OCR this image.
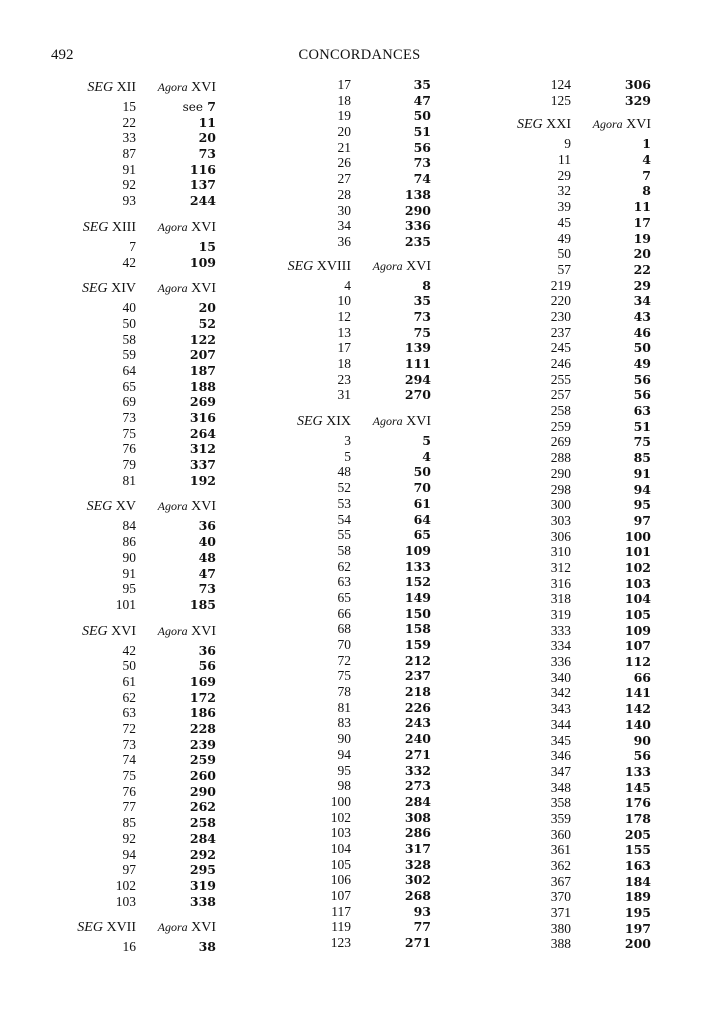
492	CONCORDANCES
SEG XII	Agora XVI
15	see 7
22	11
33	20
87	73
91	116
92	137
93	244
SEG XIII	Agora XVI
7	15
42	109
SEG XIV	Agora XVI
40	20
50	52
58	122
59	207
64	187
65	188
69	269
73	316
75	264
76	312
79	337
81	192
SEG XV	Agora XVI
84	36
86	40
90	48
91	47
95	73
101	185
SEG XVI	Agora XVI
42	36
50	56
61	169
62	172
63	186
72	228
73	239
74	259
75	260
76	290
77	262
85	258
92	284
94	292
97	295
102	319
103	338
SEG XVII	Agora XVI
16	38
17	35
18	47
19	50
20	51
21	56
26	73
27	74
28	138
30	290
34	336
36	235
SEG XVIII	Agora XVI
4	8
10	35
12	73
13	75
17	139
18	111
23	294
31	270
SEG XIX	Agora XVI
3	5
5	4
48	50
52	70
53	61
54	64
55	65
58	109
62	133
63	152
65	149
66	150
68	158
70	159
72	212
75	237
78	218
81	226
83	243
90	240
94	271
95	332
98	273
100	284
102	308
103	286
104	317
105	328
106	302
107	268
117	93
119	77
123	271
124	306
125	329
SEG XXI	Agora XVI
9	1
11	4
29	7
32	8
39	11
45	17
49	19
50	20
57	22
219	29
220	34
230	43
237	46
245	50
246	49
255	56
257	56
258	63
259	51
269	75
288	85
290	91
298	94
300	95
303	97
306	100
310	101
312	102
316	103
318	104
319	105
333	109
334	107
336	112
340	66
342	141
343	142
344	140
345	90
346	56
347	133
348	145
358	176
359	178
360	205
361	155
362	163
367	184
370	189
371	195
380	197
388	200
